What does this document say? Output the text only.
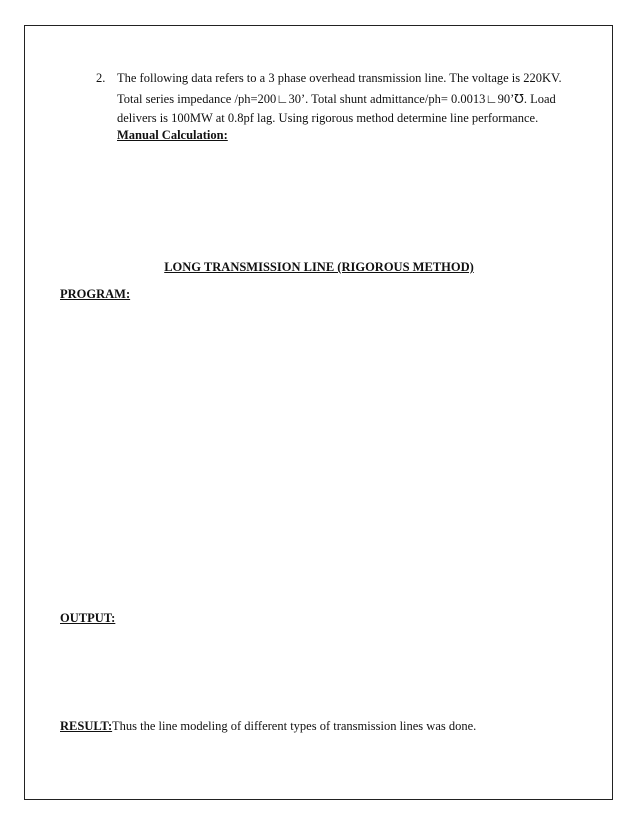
2. The following data refers to a 3 phase overhead transmission line. The voltage is 220KV.
Total series impedance /ph=200∟30’. Total shunt admittance/ph= 0.0013∟90’℧. Load
delivers is 100MW at 0.8pf lag. Using rigorous method determine line performance.
Manual Calculation:
LONG TRANSMISSION LINE (RIGOROUS METHOD)
PROGRAM:
OUTPUT:
RESULT: Thus the line modeling of different types of transmission lines was done.
